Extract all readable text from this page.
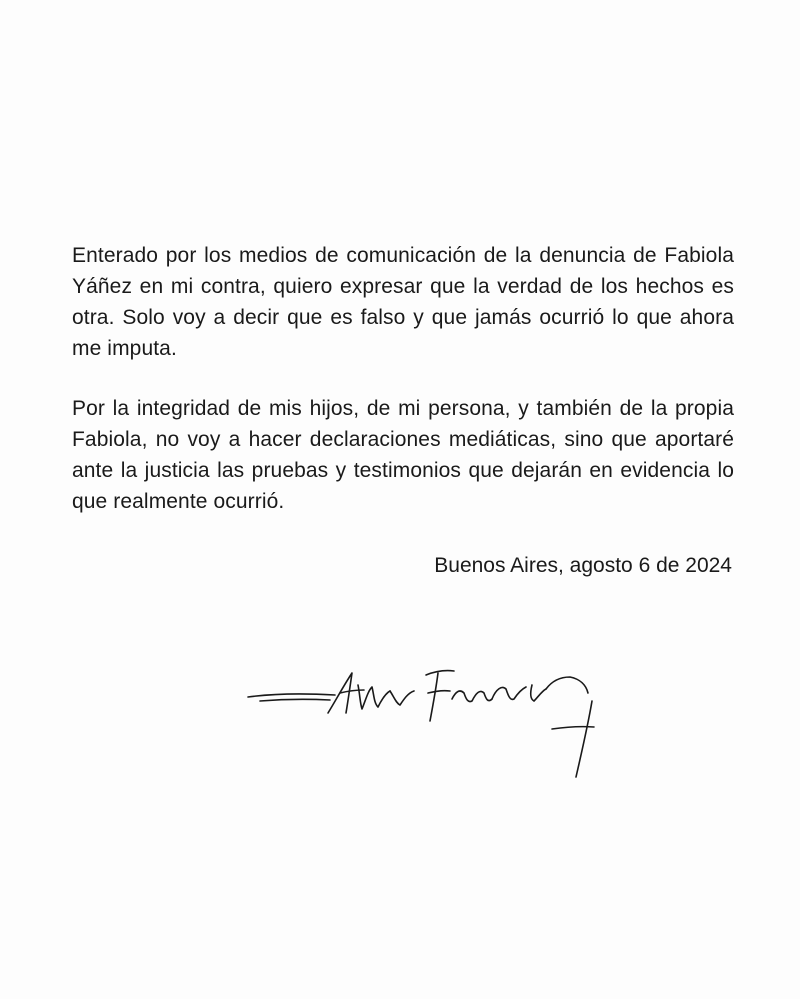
Enterado por los medios de comunicación de la denuncia de Fabiola Yáñez en mi contra, quiero expresar que la verdad de los hechos es otra. Solo voy a decir que es falso y que jamás ocurrió lo que ahora me imputa.

Por la integridad de mis hijos, de mi persona, y también de la propia Fabiola, no voy a hacer declaraciones mediáticas, sino que aportaré ante la justicia las pruebas y testimonios que dejarán en evidencia lo que realmente ocurrió.

Buenos Aires, agosto 6 de 2024
